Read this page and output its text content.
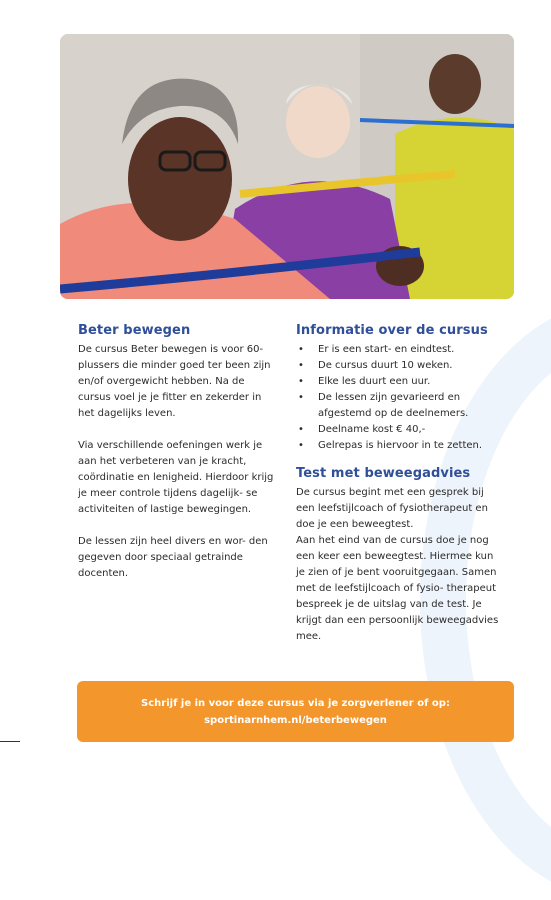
Beter bewegen

De cursus Beter bewegen is voor 60-plussers die minder goed ter been zijn en/of overgewicht hebben. Na de cursus voel je je fitter en zekerder in het dagelijks leven.

Via verschillende oefeningen werk je aan het verbeteren van je kracht, coördinatie en lenigheid. Hierdoor krijg je meer controle tijdens dagelijk- se activiteiten of lastige bewegingen.

De lessen zijn heel divers en wor- den gegeven door speciaal getrainde docenten.

Informatie over de cursus
• Er is een start- en eindtest.
• De cursus duurt 10 weken.
• Elke les duurt een uur.
• De lessen zijn gevarieerd en afgestemd op de deelnemers.
• Deelname kost € 40,-
• Gelrepas is hiervoor in te zetten.
Test met beweegadvies

De cursus begint met een gesprek bij een leefstijlcoach of fysiotherapeut en doe je een beweegtest.

Aan het eind van de cursus doe je nog een keer een beweegtest. Hiermee kun je zien of je bent vooruitgegaan. Samen met de leefstijlcoach of fysio- therapeut bespreek je de uitslag van de test. Je krijgt dan een persoonlijk beweegadvies mee.

Schrijf je in voor deze cursus via je zorgverlener of op:
sportinarnhem.nl/beterbewegen
